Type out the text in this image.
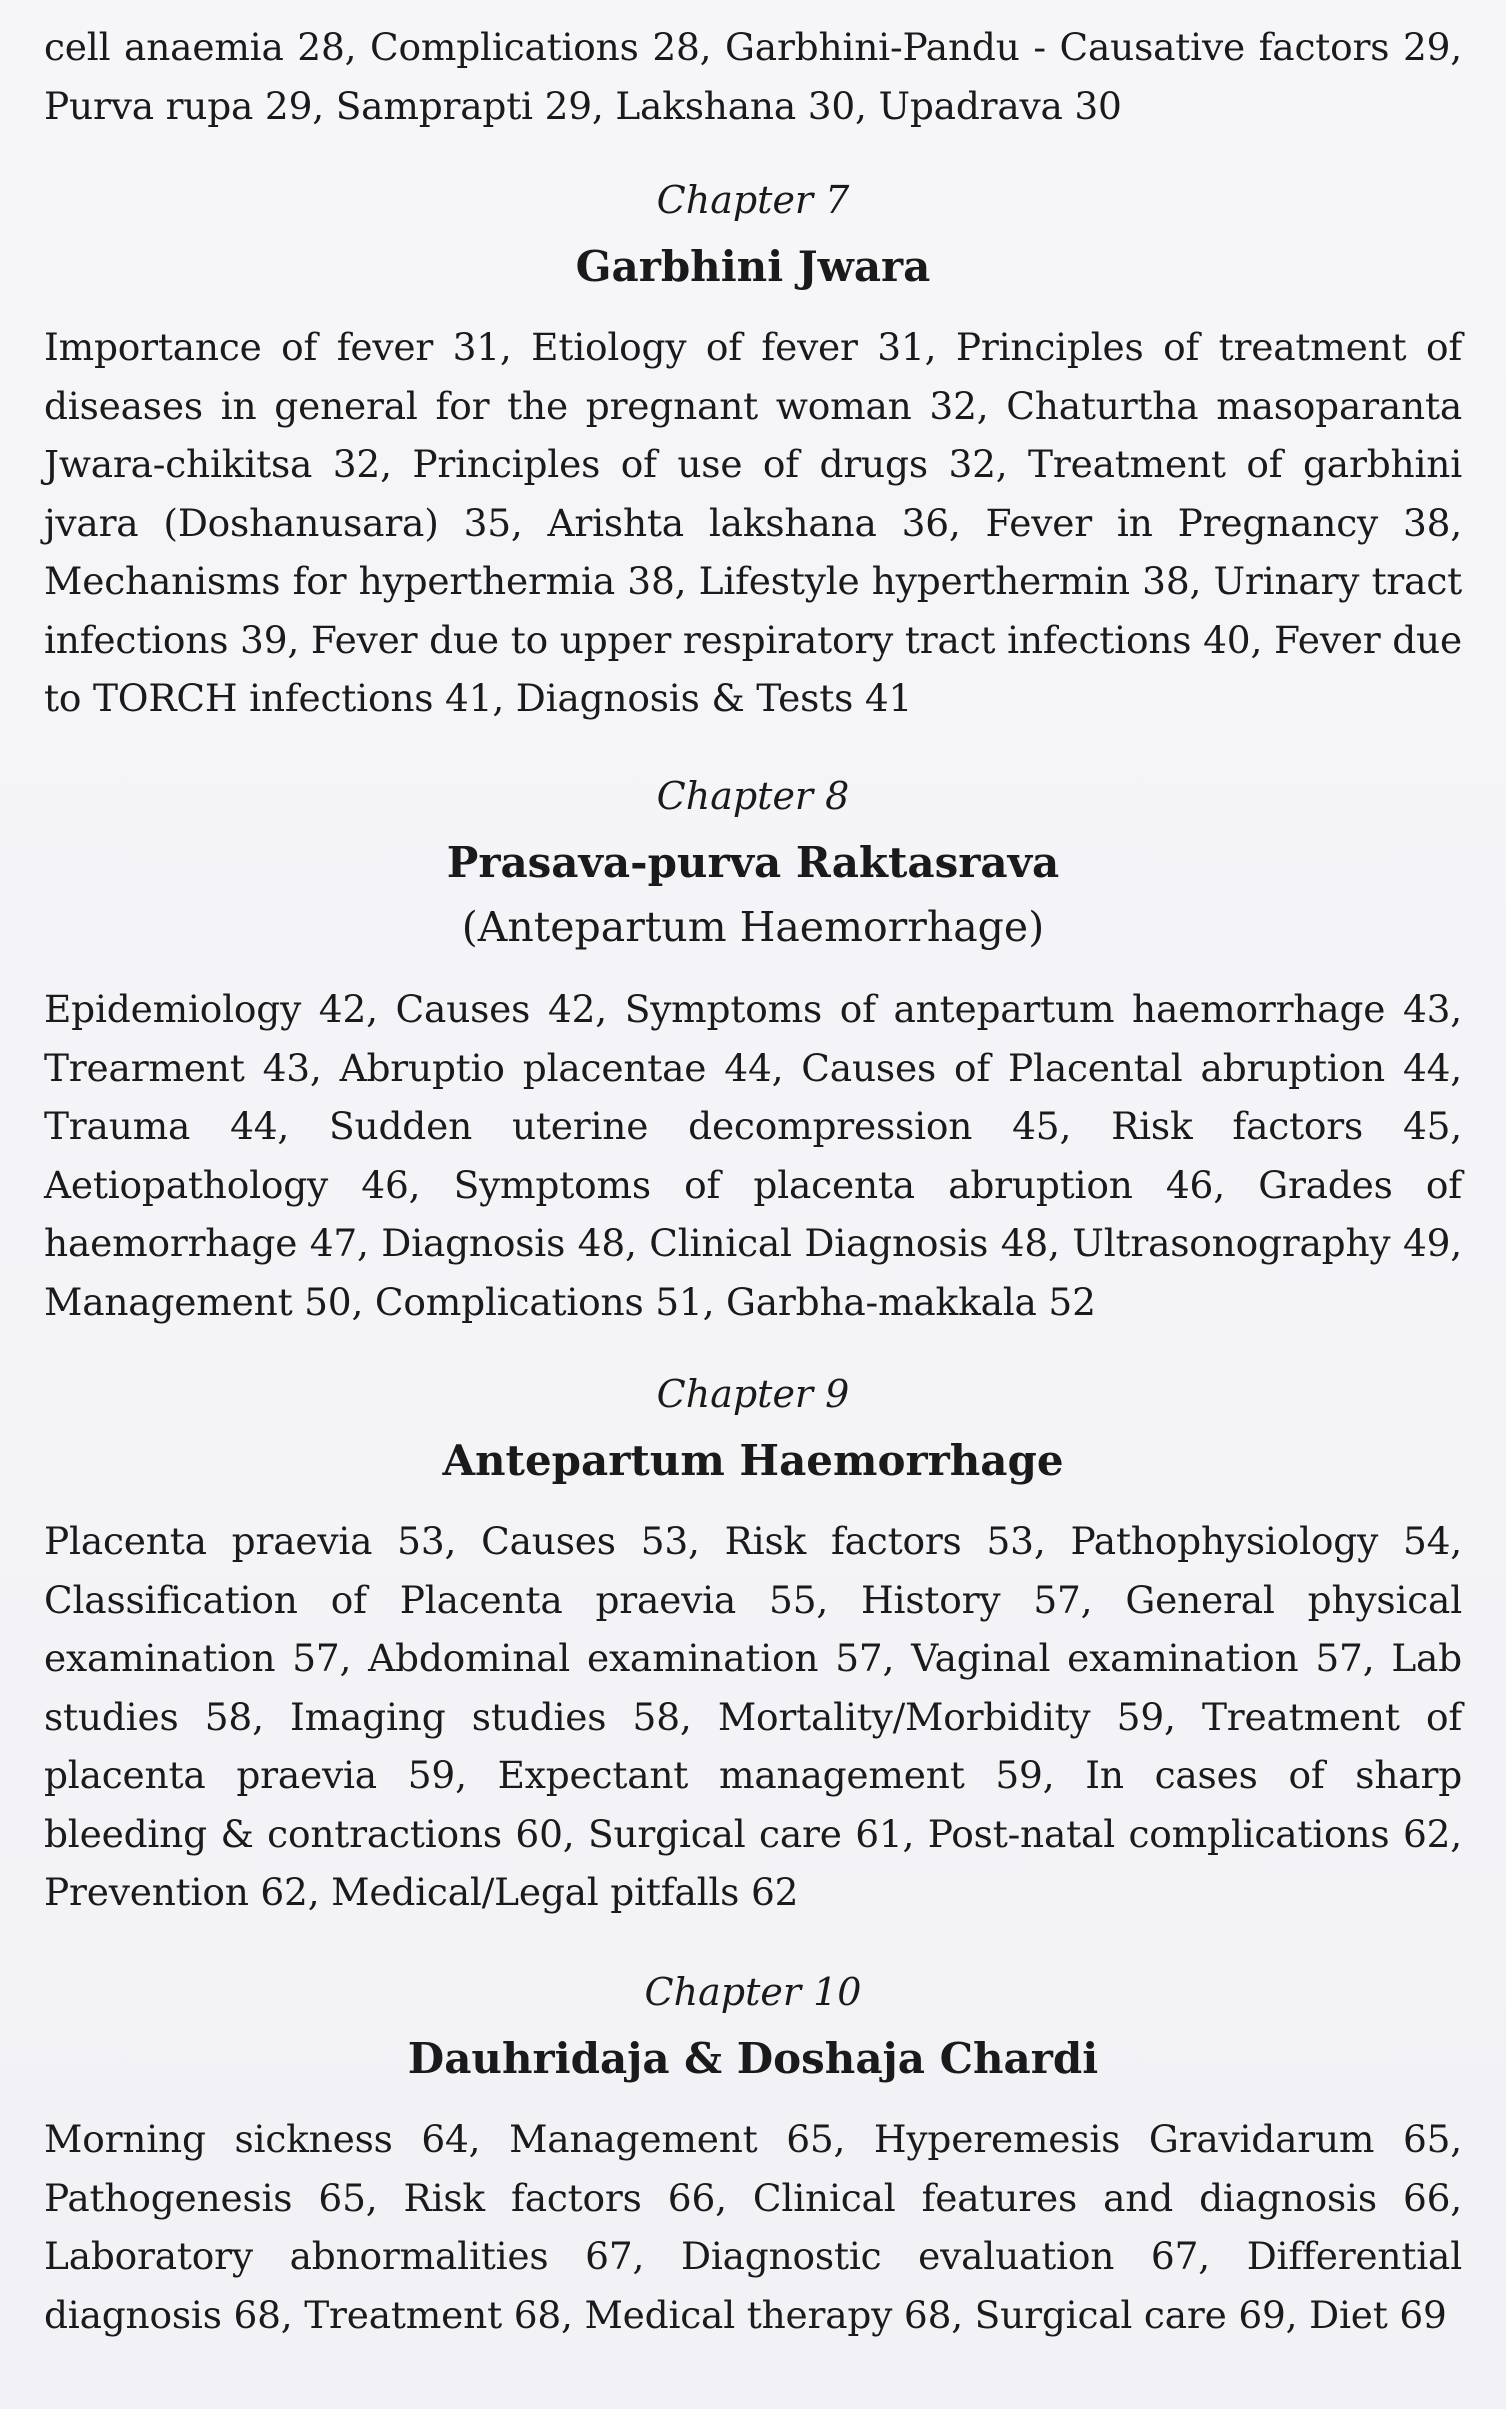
cell anaemia 28, Complications 28, Garbhini-Pandu - Causative factors 29, Purva rupa 29, Samprapti 29, Lakshana 30, Upadrava 30

Chapter 7
Garbhini Jwara

Importance of fever 31, Etiology of fever 31, Principles of treatment of diseases in general for the pregnant woman 32, Chaturtha masoparanta Jwara-chikitsa 32, Principles of use of drugs 32, Treatment of garbhini jvara (Doshanusara) 35, Arishta lakshana 36, Fever in Pregnancy 38, Mechanisms for hyperthermia 38, Lifestyle hyperthermin 38, Urinary tract infections 39, Fever due to upper respiratory tract infections 40, Fever due to TORCH infections 41, Diagnosis & Tests 41

Chapter 8
Prasava-purva Raktasrava
(Antepartum Haemorrhage)

Epidemiology 42, Causes 42, Symptoms of antepartum haemorrhage 43, Trearment 43, Abruptio placentae 44, Causes of Placental abruption 44, Trauma 44, Sudden uterine decompression 45, Risk factors 45, Aetiopathology 46, Symptoms of placenta abruption 46, Grades of haemorrhage 47, Diagnosis 48, Clinical Diagnosis 48, Ultrasonography 49, Management 50, Complications 51, Garbha-makkala 52

Chapter 9
Antepartum Haemorrhage

Placenta praevia 53, Causes 53, Risk factors 53, Pathophysiology 54, Classification of Placenta praevia 55, History 57, General physical examination 57, Abdominal examination 57, Vaginal examination 57, Lab studies 58, Imaging studies 58, Mortality/Morbidity 59, Treatment of placenta praevia 59, Expectant management 59, In cases of sharp bleeding & contractions 60, Surgical care 61, Post-natal complications 62, Prevention 62, Medical/Legal pitfalls 62

Chapter 10
Dauhridaja & Doshaja Chardi

Morning sickness 64, Management 65, Hyperemesis Gravidarum 65, Pathogenesis 65, Risk factors 66, Clinical features and diagnosis 66, Laboratory abnormalities 67, Diagnostic evaluation 67, Differential diagnosis 68, Treatment 68, Medical therapy 68, Surgical care 69, Diet 69
